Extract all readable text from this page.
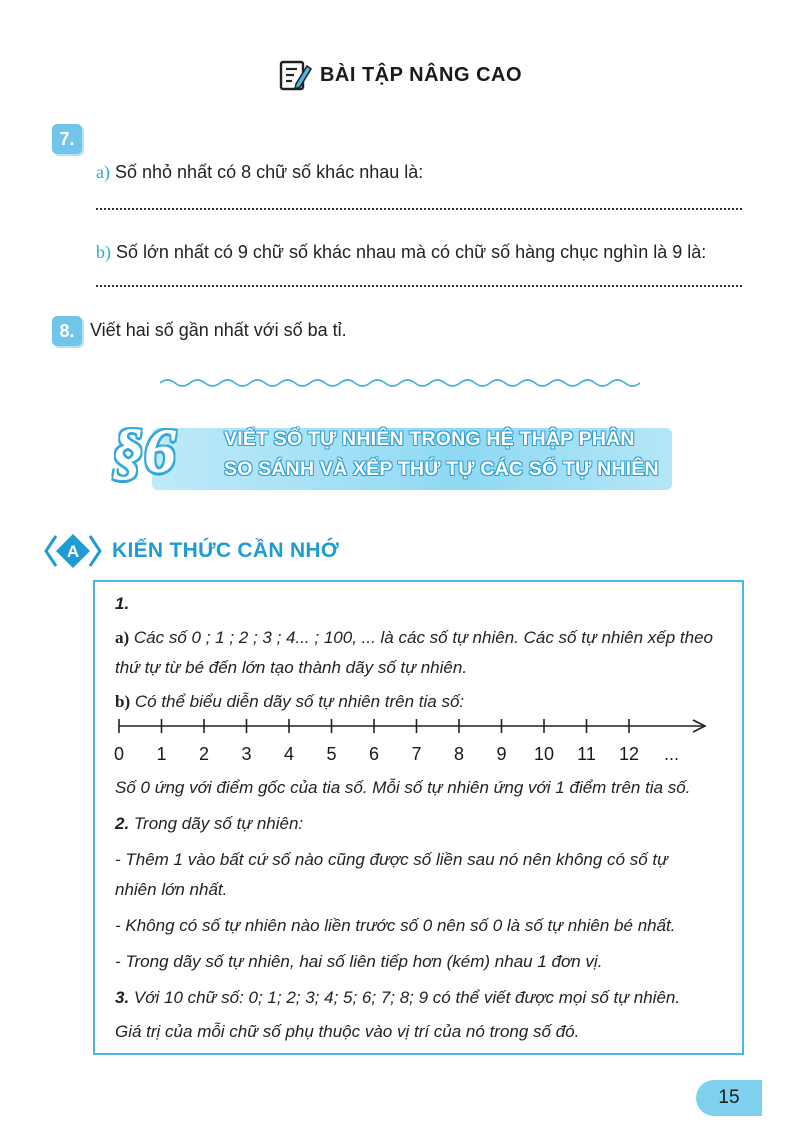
BÀI TẬP NÂNG CAO
7.
a) Số nhỏ nhất có 8 chữ số khác nhau là:
b) Số lớn nhất có 9 chữ số khác nhau mà có chữ số hàng chục nghìn là 9 là:
8. Viết hai số gần nhất với số ba tỉ.
§6 VIẾT SỐ TỰ NHIÊN TRONG HỆ THẬP PHÂN
SO SÁNH VÀ XẾP THỨ TỰ CÁC SỐ TỰ NHIÊN
A KIẾN THỨC CẦN NHỚ
1.
a) Các số 0 ; 1 ; 2 ; 3 ; 4... ; 100, ... là các số tự nhiên. Các số tự nhiên xếp theo
thứ tự từ bé đến lớn tạo thành dãy số tự nhiên.
b) Có thể biểu diễn dãy số tự nhiên trên tia số:
0 1 2 3 4 5 6 7 8 9 10 11 12 ...
Số 0 ứng với điểm gốc của tia số. Mỗi số tự nhiên ứng với 1 điểm trên tia số.
2. Trong dãy số tự nhiên:
- Thêm 1 vào bất cứ số nào cũng được số liền sau nó nên không có số tự
nhiên lớn nhất.
- Không có số tự nhiên nào liền trước số 0 nên số 0 là số tự nhiên bé nhất.
- Trong dãy số tự nhiên, hai số liên tiếp hơn (kém) nhau 1 đơn vị.
3. Với 10 chữ số: 0; 1; 2; 3; 4; 5; 6; 7; 8; 9 có thể viết được mọi số tự nhiên.
Giá trị của mỗi chữ số phụ thuộc vào vị trí của nó trong số đó.
15
